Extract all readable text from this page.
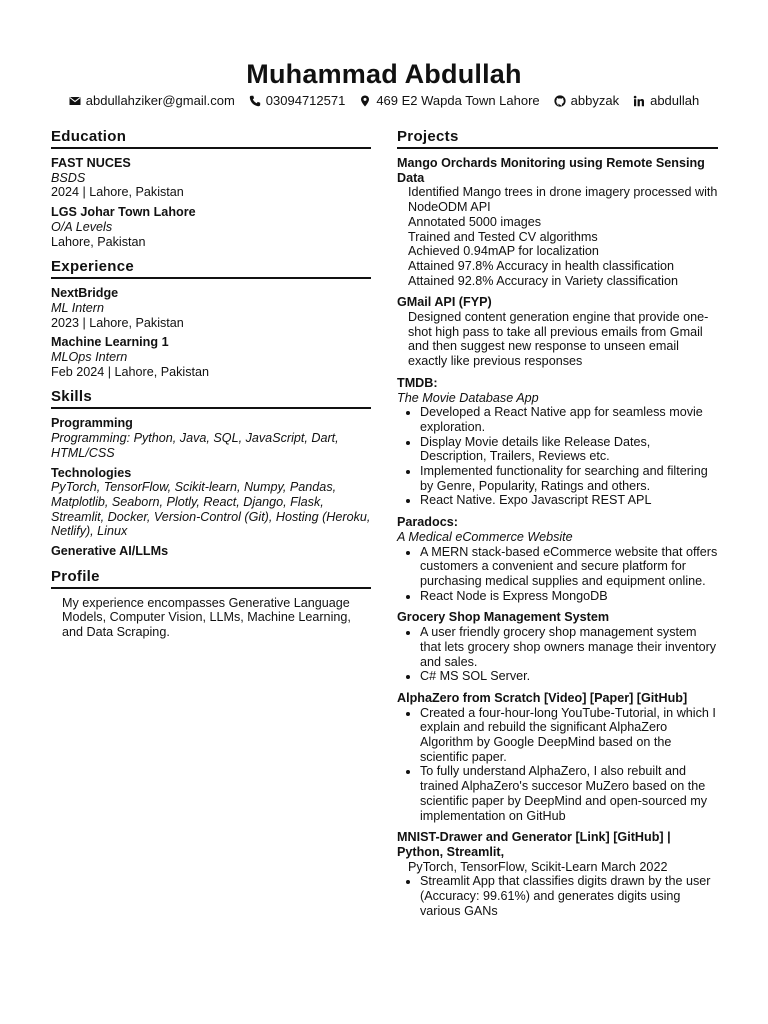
Muhammad Abdullah
abdullahziker@gmail.com 03094712571 469 E2 Wapda Town Lahore abbyzak abdullah
Education
FAST NUCES
BSDS
2024 | Lahore, Pakistan
LGS Johar Town Lahore
O/A Levels
Lahore, Pakistan
Experience
NextBridge
ML Intern
2023 | Lahore, Pakistan
Machine Learning 1
MLOps Intern
Feb 2024 | Lahore, Pakistan
Skills
Programming
Programming: Python, Java, SQL, JavaScript, Dart, HTML/CSS
Technologies
PyTorch, TensorFlow, Scikit-learn, Numpy, Pandas, Matplotlib, Seaborn, Plotly, React, Django, Flask, Streamlit, Docker, Version-Control (Git), Hosting (Heroku, Netlify), Linux
Generative AI/LLMs
Profile
My experience encompasses Generative Language Models, Computer Vision, LLMs, Machine Learning, and Data Scraping.
Projects
Mango Orchards Monitoring using Remote Sensing Data
Identified Mango trees in drone imagery processed with NodeODM API
Annotated 5000 images
Trained and Tested CV algorithms
Achieved 0.94mAP for localization
Attained 97.8% Accuracy in health classification
Attained 92.8% Accuracy in Variety classification
GMail API (FYP)
Designed content generation engine that provide one-shot high pass to take all previous emails from Gmail and then suggest new response to unseen email exactly like previous responses
TMDB:
The Movie Database App
• Developed a React Native app for seamless movie exploration.
• Display Movie details like Release Dates, Description, Trailers, Reviews etc.
• Implemented functionality for searching and filtering by Genre, Popularity, Ratings and others.
• React Native. Expo Javascript REST APL
Paradocs:
A Medical eCommerce Website
• A MERN stack-based eCommerce website that offers customers a convenient and secure platform for purchasing medical supplies and equipment online.
• React Node is Express MongoDB
Grocery Shop Management System
• A user friendly grocery shop management system that lets grocery shop owners manage their inventory and sales.
• C# MS SOL Server.
AlphaZero from Scratch [Video] [Paper] [GitHub]
• Created a four-hour-long YouTube-Tutorial, in which I explain and rebuild the significant AlphaZero Algorithm by Google DeepMind based on the scientific paper.
• To fully understand AlphaZero, I also rebuilt and trained AlphaZero's succesor MuZero based on the scientific paper by DeepMind and open-sourced my implementation on GitHub
MNIST-Drawer and Generator [Link] [GitHub] | Python, Streamlit,
PyTorch, TensorFlow, Scikit-Learn March 2022
• Streamlit App that classifies digits drawn by the user (Accuracy: 99.61%) and generates digits using various GANs
